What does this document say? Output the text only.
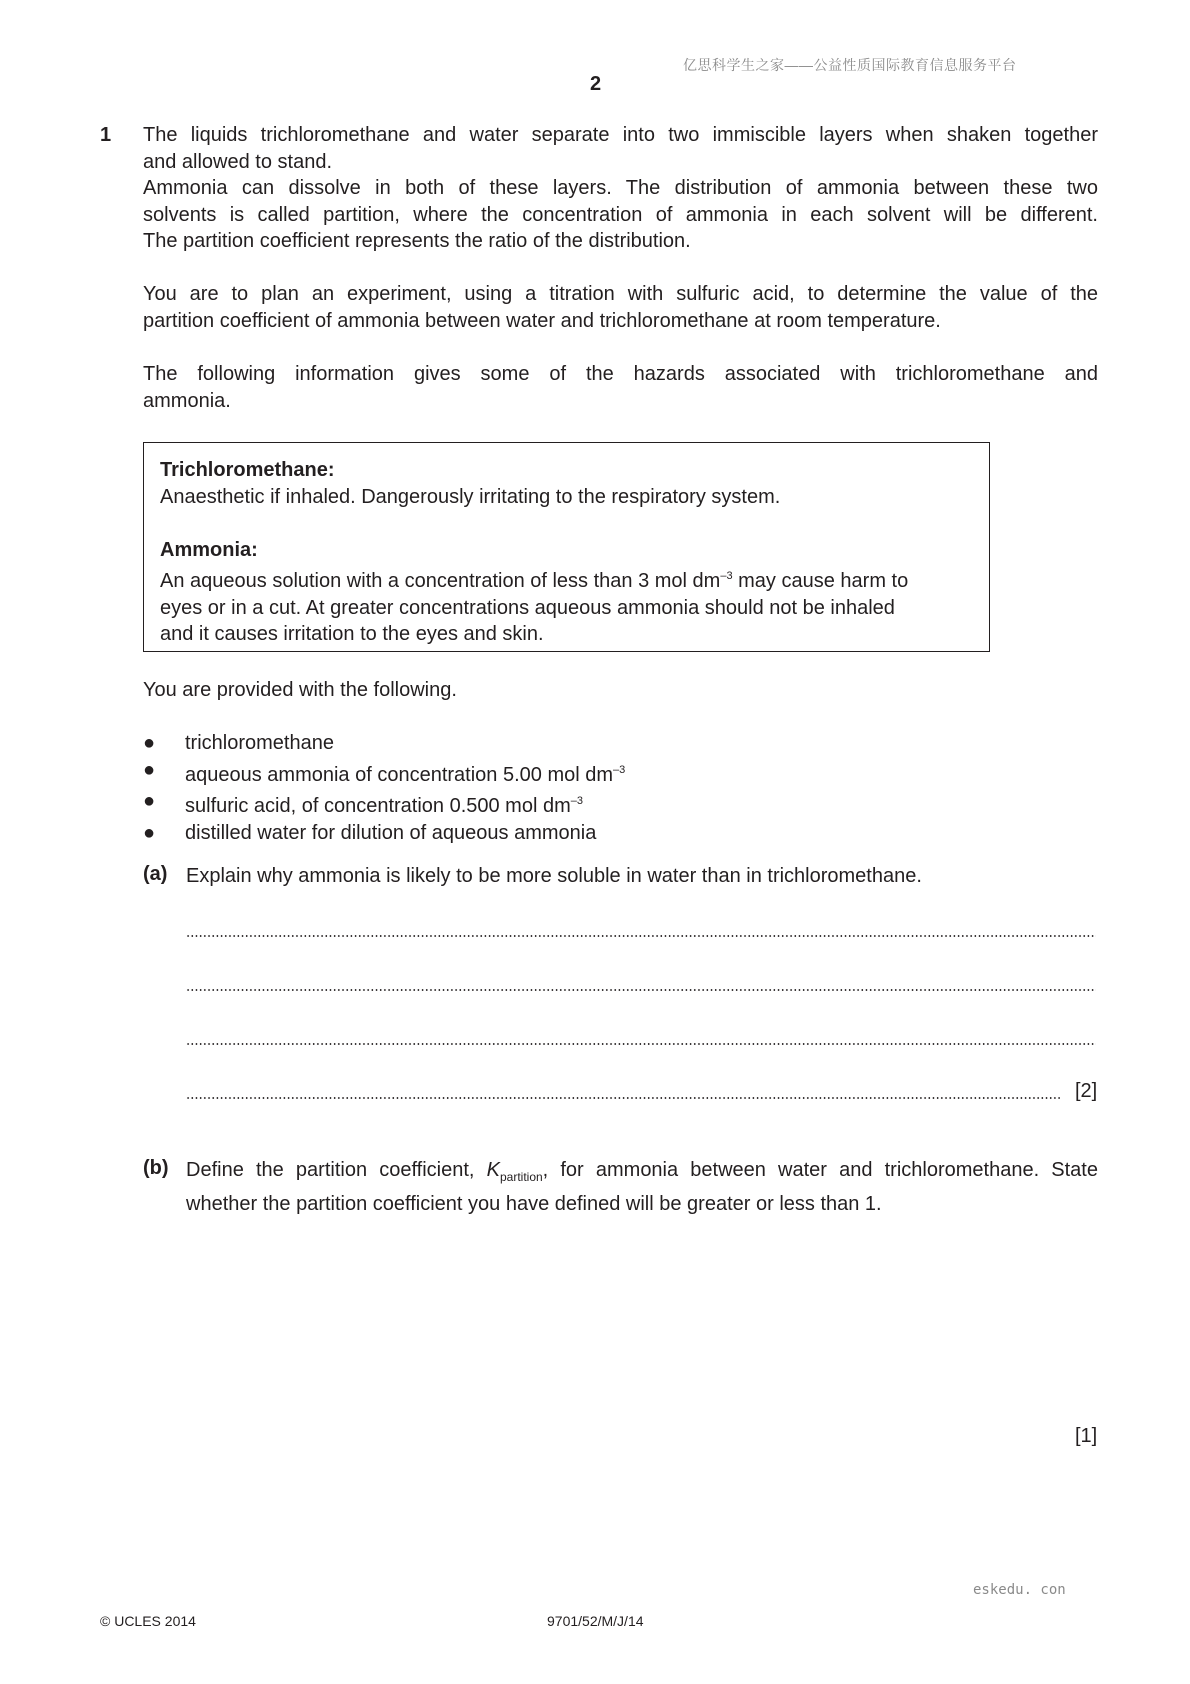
亿思科学生之家——公益性质国际教育信息服务平台
2
1 The liquids trichloromethane and water separate into two immiscible layers when shaken together
and allowed to stand.
Ammonia can dissolve in both of these layers. The distribution of ammonia between these two
solvents is called partition, where the concentration of ammonia in each solvent will be different.
The partition coefficient represents the ratio of the distribution.
You are to plan an experiment, using a titration with sulfuric acid, to determine the value of the
partition coefficient of ammonia between water and trichloromethane at room temperature.
The following information gives some of the hazards associated with trichloromethane and
ammonia.
Trichloromethane:
Anaesthetic if inhaled. Dangerously irritating to the respiratory system.
Ammonia:
An aqueous solution with a concentration of less than 3 mol $dm^{-3}$ may cause harm to
eyes or in a cut. At greater concentrations aqueous ammonia should not be inhaled
and it causes irritation to the eyes and skin.
You are provided with the following.
● trichloromethane
● aqueous ammonia of concentration 5.00 mol $dm^{-3}$
● sulfuric acid, of concentration 0.500 mol $dm^{-3}$
● distilled water for dilution of aqueous ammonia
(a) Explain why ammonia is likely to be more soluble in water than in trichloromethane.
[2]
(b) Define the partition coefficient, $K_{partition}$, for ammonia between water and trichloromethane. State
whether the partition coefficient you have defined will be greater or less than 1.
[1]
eskedu. con
© UCLES 2014	9701/52/M/J/14
